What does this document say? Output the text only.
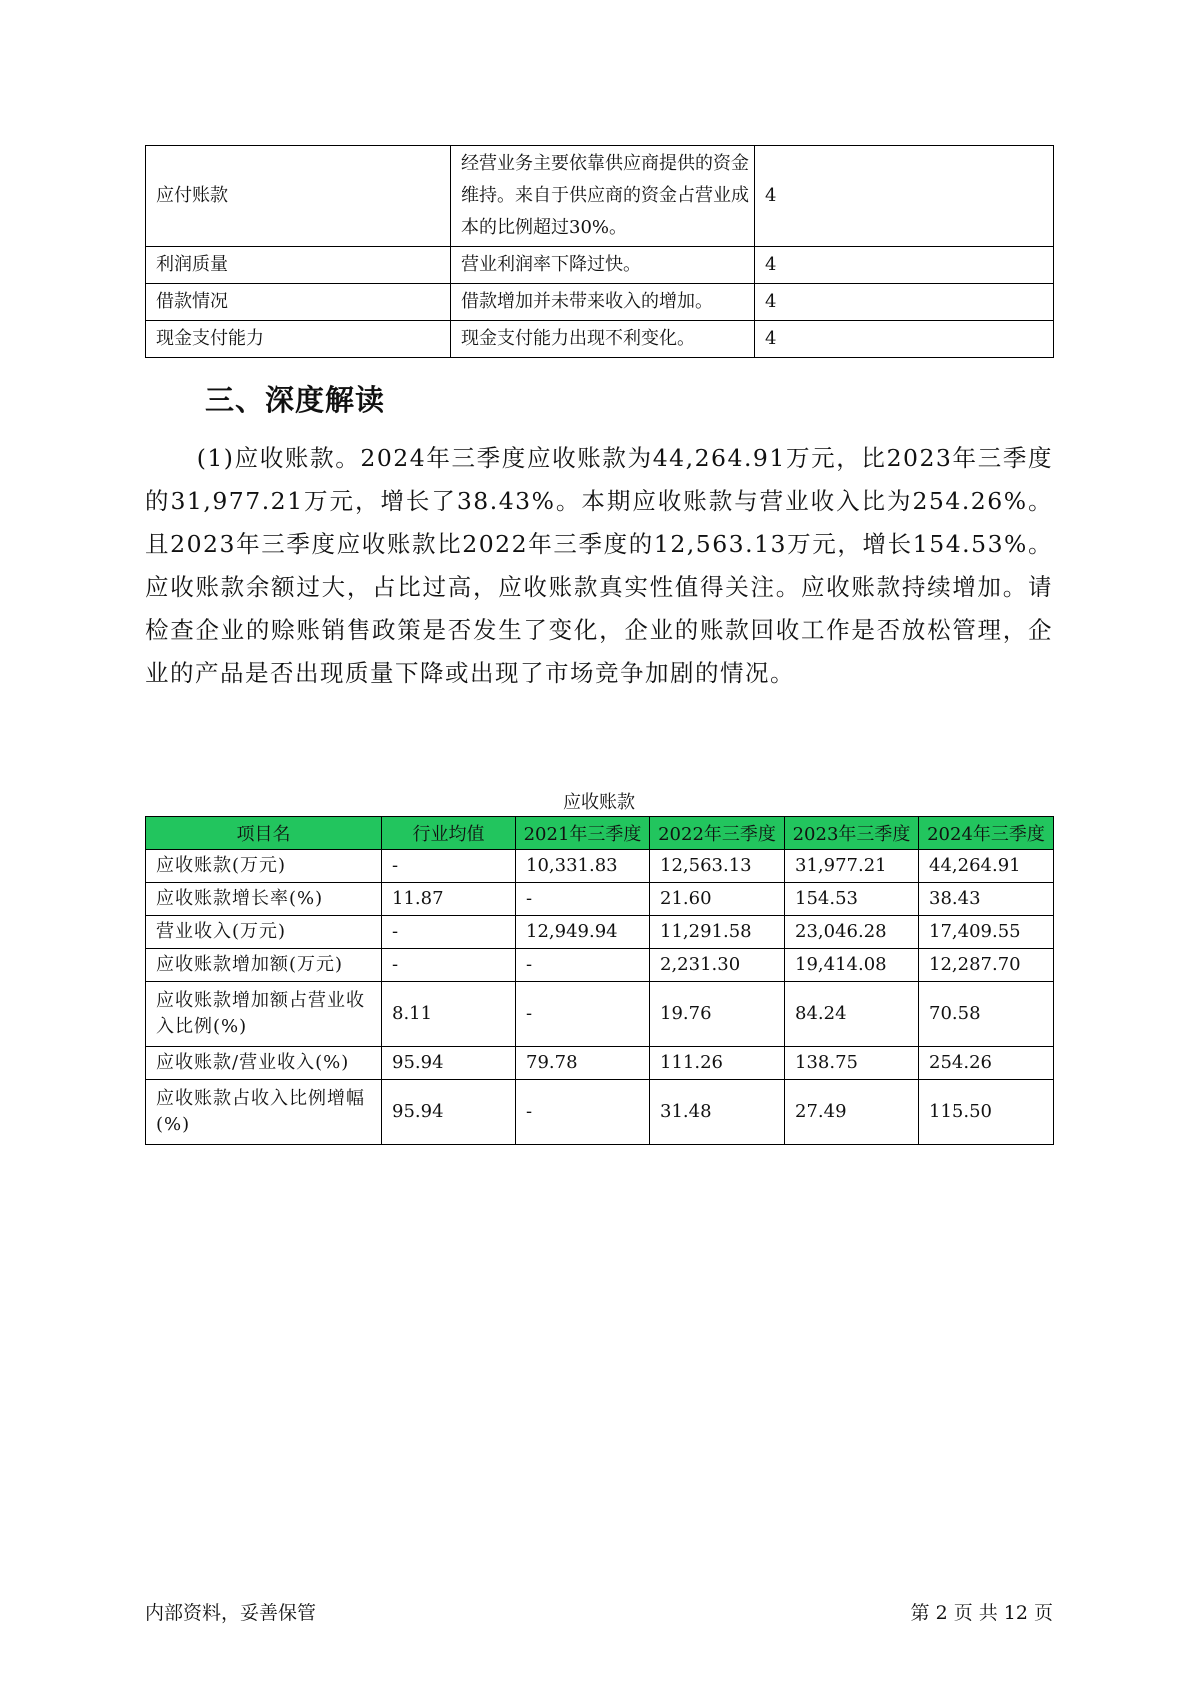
应付账款	经营业务主要依靠供应商提供的资金维持。来自于供应商的资金占营业成本的比例超过30%。	4
利润质量	营业利润率下降过快。	4
借款情况	借款增加并未带来收入的增加。	4
现金支付能力	现金支付能力出现不利变化。	4
三、深度解读

(1)应收账款。2024年三季度应收账款为44,264.91万元，比2023年三季度的31,977.21万元，增长了38.43%。本期应收账款与营业收入比为254.26%。且2023年三季度应收账款比2022年三季度的12,563.13万元，增长154.53%。应收账款余额过大，占比过高，应收账款真实性值得关注。应收账款持续增加。请检查企业的赊账销售政策是否发生了变化，企业的账款回收工作是否放松管理，企业的产品是否出现质量下降或出现了市场竞争加剧的情况。

应收账款
项目名	行业均值	2021年三季度	2022年三季度	2023年三季度	2024年三季度
应收账款(万元)	-	10,331.83	12,563.13	31,977.21	44,264.91
应收账款增长率(%)	11.87	-	21.60	154.53	38.43
营业收入(万元)	-	12,949.94	11,291.58	23,046.28	17,409.55
应收账款增加额(万元)	-	-	2,231.30	19,414.08	12,287.70
应收账款增加额占营业收入比例(%)	8.11	-	19.76	84.24	70.58
应收账款/营业收入(%)	95.94	79.78	111.26	138.75	254.26
应收账款占收入比例增幅(%)	95.94	-	31.48	27.49	115.50
内部资料，妥善保管	第 2 页 共 12 页
